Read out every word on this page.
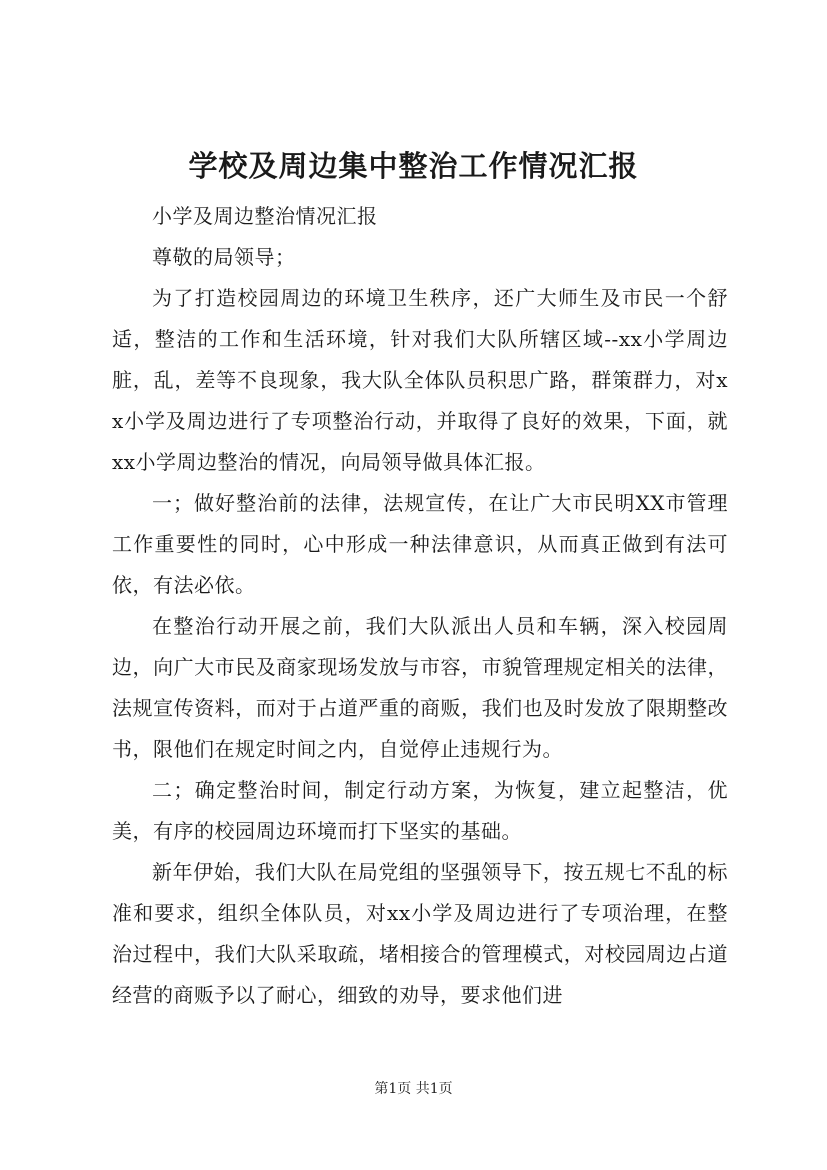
学校及周边集中整治工作情况汇报

小学及周边整治情况汇报

尊敬的局领导；

为了打造校园周边的环境卫生秩序，还广大师生及市民一个舒适，整洁的工作和生活环境，针对我们大队所辖区域--xx小学周边脏，乱，差等不良现象，我大队全体队员积思广路，群策群力，对xx小学及周边进行了专项整治行动，并取得了良好的效果，下面，就xx小学周边整治的情况，向局领导做具体汇报。

一；做好整治前的法律，法规宣传，在让广大市民明XX市管理工作重要性的同时，心中形成一种法律意识，从而真正做到有法可依，有法必依。

在整治行动开展之前，我们大队派出人员和车辆，深入校园周边，向广大市民及商家现场发放与市容，市貌管理规定相关的法律，法规宣传资料，而对于占道严重的商贩，我们也及时发放了限期整改书，限他们在规定时间之内，自觉停止违规行为。

二；确定整治时间，制定行动方案，为恢复，建立起整洁，优美，有序的校园周边环境而打下坚实的基础。

新年伊始，我们大队在局党组的坚强领导下，按五规七不乱的标准和要求，组织全体队员，对xx小学及周边进行了专项治理，在整治过程中，我们大队采取疏，堵相接合的管理模式，对校园周边占道经营的商贩予以了耐心，细致的劝导，要求他们进

第1页 共1页
